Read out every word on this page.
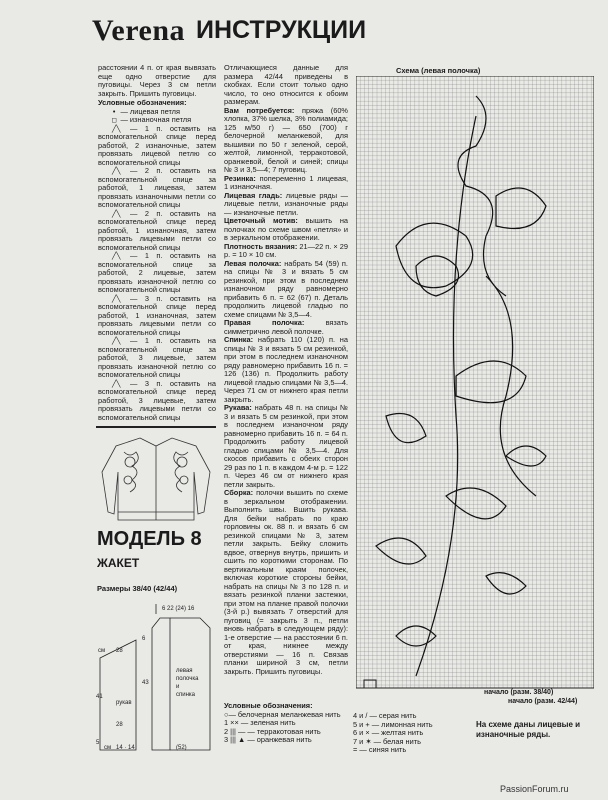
Verena ИНСТРУКЦИИ

расстоянии 4 п. от края вывязать еще одно отверстие для пуговицы. Через 3 см петли закрыть. Пришить пуговицы.

Условные обозначения:

• — лицевая петля

□ — изнаночная петля

╱╲ — 1 п. оставить на вспомогательной спице перед работой, 2 изнаночные, затем провязать лицевой петлю со вспомогательной спицы

╱╲ — 2 п. оставить на вспомогательной спице за работой, 1 лицевая, затем провязать изнаночными петли со вспомогательной спицы

╱╲ — 2 п. оставить на вспомогательной спице перед работой, 1 изнаночная, затем провязать лицевыми петли со вспомогательной спицы

╱╲ — 1 п. оставить на вспомогательной спице за работой, 2 лицевые, затем провязать изнаночной петлю со вспомогательной спицы

╱╲ — 3 п. оставить на вспомогательной спице перед работой, 1 изнаночная, затем провязать лицевыми петли со вспомогательной спицы

╱╲ — 1 п. оставить на вспомогательной спице за работой, 3 лицевые, затем провязать изнаночной петлю со вспомогательной спицы

╱╲ — 3 п. оставить на вспомогательной спице перед работой, 3 лицевые, затем провязать лицевыми петли со вспомогательной спицы

МОДЕЛЬ 8
ЖАКЕТ
Размеры 38/40 (42/44)
6 22 (24) 16
см 28
28
43
41
6
5
рукав
левая
полочка
и
спинка
см 14 · 14	(52)

Отличающиеся данные для размера 42/44 приведены в скобках. Если стоит только одно число, то оно относится к обоим размерам.

Вам потребуется: пряжа (60% хлопка, 37% шелка, 3% полиамида; 125 м/50 г) — 650 (700) г белочерной меланжевой, для вышивки по 50 г зеленой, серой, желтой, лимонной, терракотовой, оранжевой, белой и синей; спицы № 3 и 3,5—4; 7 пуговиц.

Резинка: попеременно 1 лицевая, 1 изнаночная.

Лицевая гладь: лицевые ряды — лицевые петли, изнаночные ряды — изнаночные петли.

Цветочный мотив: вышить на полочках по схеме швом «петля» и в зеркальном отображении.

Плотность вязания: 21—22 п. × 29 р. = 10 × 10 см.

Левая полочка: набрать 54 (59) п. на спицы № 3 и вязать 5 см резинкой, при этом в последнем изнаночном ряду равномерно прибавить 6 п. = 62 (67) п. Деталь продолжить лицевой гладью по схеме спицами № 3,5—4.

Правая полочка:	вязать симметрично левой полочке.

Спинка: набрать 110 (120) п. на спицы № 3 и вязать 5 см резинкой, при этом в последнем изнаночном ряду равномерно прибавить 16 п. = 126 (136) п. Продолжить работу лицевой гладью спицами № 3,5—4. Через 71 см от нижнего края петли закрыть.

Рукава: набрать 48 п. на спицы № 3 и вязать 5 см резинкой, при этом в последнем изнаночном ряду равномерно прибавить 16 п. = 64 п. Продолжить работу лицевой гладью спицами № 3,5—4. Для скосов прибавить с обеих сторон 29 раз по 1 п. в каждом 4-м р. = 122 п. Через 46 см от нижнего края петли закрыть.

Сборка: полочки вышить по схеме в зеркальном отображении. Выполнить швы. Вшить рукава. Для бейки набрать по краю горловины ок. 88 п. и вязать 6 см резинкой спицами № 3, затем петли закрыть. Бейку сложить вдвое, отвернув внутрь, пришить и сшить по короткими сторонам. По вертикальным краям полочек, включая короткие стороны бейки, набрать на спицы № 3 по 128 п. и вязать резинкой планки застежки, при этом на планке правой полочки (3-й р.) вывязать 7 отверстий для пуговиц (= закрыть 3 п., петли вновь набрать в следующем ряду): 1-е отверстие — на расстоянии 6 п. от края, нижнее между отверстиями — 16 п. Связав планки шириной 3 см, петли закрыть. Пришить пуговицы.

Условные обозначения:
○— белочерная меланжевая нить
1 ×× — зеленая нить
2 ||| — — терракотовая нить
3 ||| ▲ — оранжевая нить
4 и / — серая нить
5 и + — лимонная нить
6 и × — желтая нить
7 и ✶ — белая нить
= — синяя нить
Схема (левая полочка)
начало (разм. 38/40)
начало (разм. 42/44)
На схеме даны лицевые и изнаночные ряды.
PassionForum.ru
